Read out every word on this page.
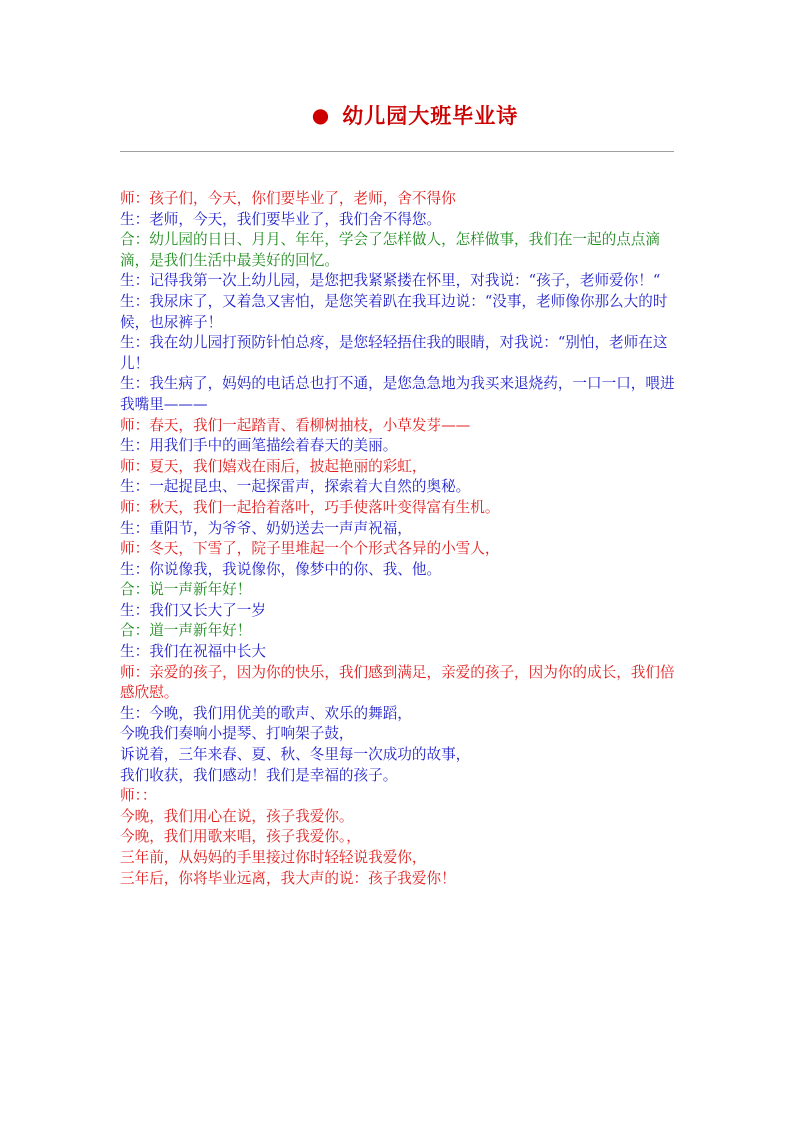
● 幼儿园大班毕业诗
师：孩子们，今天，你们要毕业了，老师，舍不得你
生：老师，今天，我们要毕业了，我们舍不得您。
合：幼儿园的日日、月月、年年，学会了怎样做人，怎样做事，我们在一起的点点滴滴，是我们生活中最美好的回忆。
生：记得我第一次上幼儿园，是您把我紧紧搂在怀里，对我说：“孩子，老师爱你！“
生：我尿床了，又着急又害怕，是您笑着趴在我耳边说：“没事，老师像你那么大的时候，也尿裤子！
生：我在幼儿园打预防针怕总疼，是您轻轻捂住我的眼睛，对我说：“别怕，老师在这儿！
生：我生病了，妈妈的电话总也打不通，是您急急地为我买来退烧药，一口一口，喂进我嘴里———
师：春天，我们一起踏青、看柳树抽枝，小草发芽——
生：用我们手中的画笔描绘着春天的美丽。
师：夏天，我们嬉戏在雨后，披起艳丽的彩虹，
生：一起捉昆虫、一起探雷声，探索着大自然的奥秘。
师：秋天，我们一起拾着落叶，巧手使落叶变得富有生机。
生：重阳节，为爷爷、奶奶送去一声声祝福，
师：冬天，下雪了，院子里堆起一个个形式各异的小雪人，
生：你说像我，我说像你，像梦中的你、我、他。
合：说一声新年好！
生：我们又长大了一岁
合：道一声新年好！
生：我们在祝福中长大
师：亲爱的孩子，因为你的快乐，我们感到满足，亲爱的孩子，因为你的成长，我们倍感欣慰。
生：今晚，我们用优美的歌声、欢乐的舞蹈，
今晚我们奏响小提琴、打响架子鼓，
诉说着，三年来春、夏、秋、冬里每一次成功的故事，
我们收获，我们感动！我们是幸福的孩子。
师：：
今晚，我们用心在说，孩子我爱你。
今晚，我们用歌来唱，孩子我爱你。，
三年前，从妈妈的手里接过你时轻轻说我爱你，
三年后，你将毕业远离，我大声的说：孩子我爱你！
